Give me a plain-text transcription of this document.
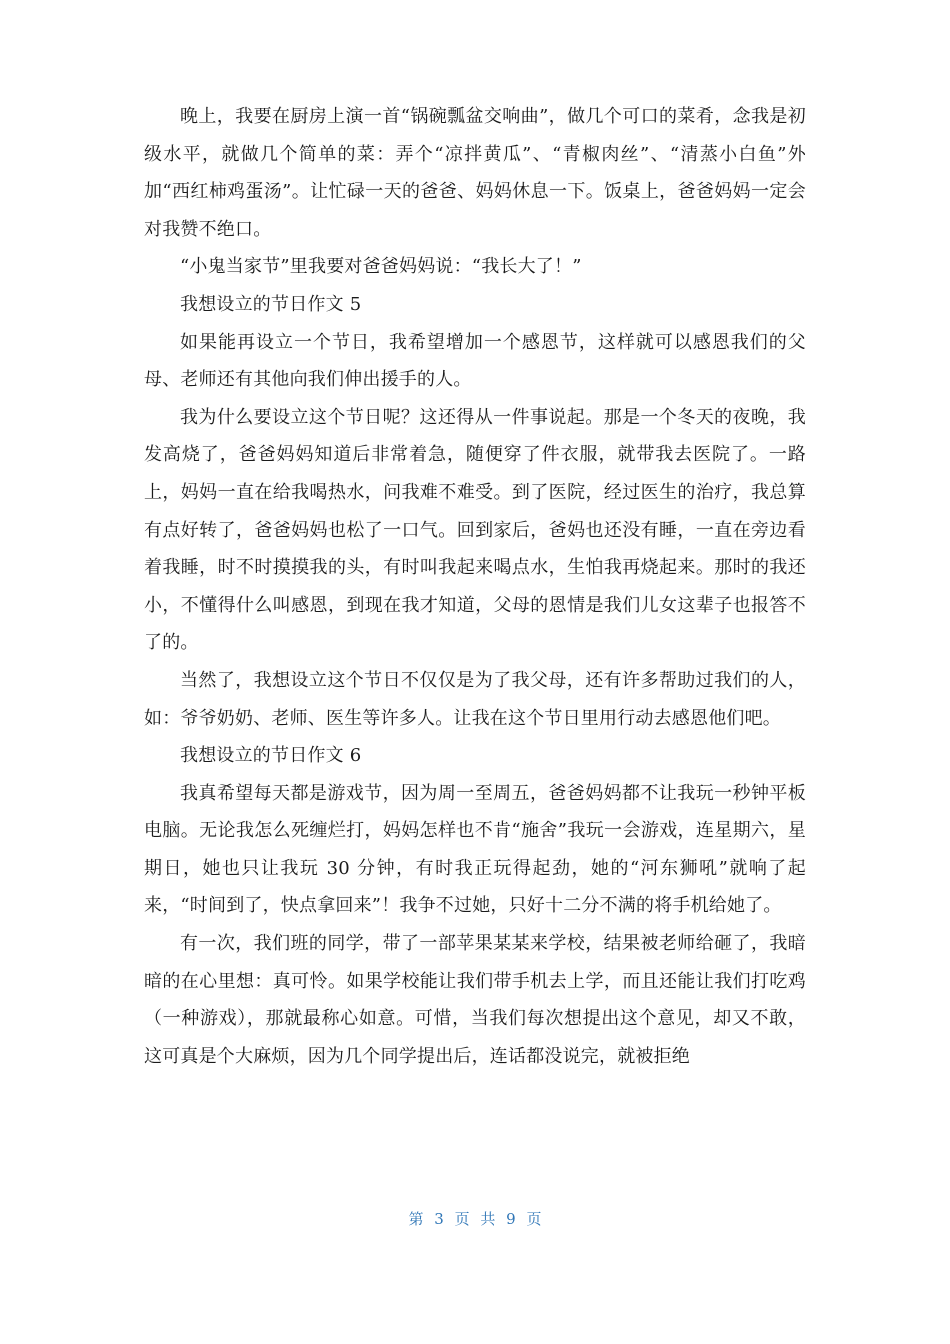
晚上，我要在厨房上演一首“锅碗瓢盆交响曲”，做几个可口的菜肴，念我是初级水平，就做几个简单的菜：弄个“凉拌黄瓜”、“青椒肉丝”、“清蒸小白鱼”外加“西红柿鸡蛋汤”。让忙碌一天的爸爸、妈妈休息一下。饭桌上，爸爸妈妈一定会对我赞不绝口。

“小鬼当家节”里我要对爸爸妈妈说：“我长大了！”

我想设立的节日作文 5

如果能再设立一个节日，我希望增加一个感恩节，这样就可以感恩我们的父母、老师还有其他向我们伸出援手的人。

我为什么要设立这个节日呢？这还得从一件事说起。那是一个冬天的夜晚，我发高烧了，爸爸妈妈知道后非常着急，随便穿了件衣服，就带我去医院了。一路上，妈妈一直在给我喝热水，问我难不难受。到了医院，经过医生的治疗，我总算有点好转了，爸爸妈妈也松了一口气。回到家后，爸妈也还没有睡，一直在旁边看着我睡，时不时摸摸我的头，有时叫我起来喝点水，生怕我再烧起来。那时的我还小，不懂得什么叫感恩，到现在我才知道，父母的恩情是我们儿女这辈子也报答不了的。

当然了，我想设立这个节日不仅仅是为了我父母，还有许多帮助过我们的人，如：爷爷奶奶、老师、医生等许多人。让我在这个节日里用行动去感恩他们吧。

我想设立的节日作文 6

我真希望每天都是游戏节，因为周一至周五，爸爸妈妈都不让我玩一秒钟平板电脑。无论我怎么死缠烂打，妈妈怎样也不肯“施舍”我玩一会游戏，连星期六，星期日，她也只让我玩 30 分钟，有时我正玩得起劲，她的“河东狮吼”就响了起来，“时间到了，快点拿回来”！我争不过她，只好十二分不满的将手机给她了。

有一次，我们班的同学，带了一部苹果某某来学校，结果被老师给砸了，我暗暗的在心里想：真可怜。如果学校能让我们带手机去上学，而且还能让我们打吃鸡（一种游戏），那就最称心如意。可惜，当我们每次想提出这个意见，却又不敢，这可真是个大麻烦，因为几个同学提出后，连话都没说完，就被拒绝

第 3 页 共 9 页
